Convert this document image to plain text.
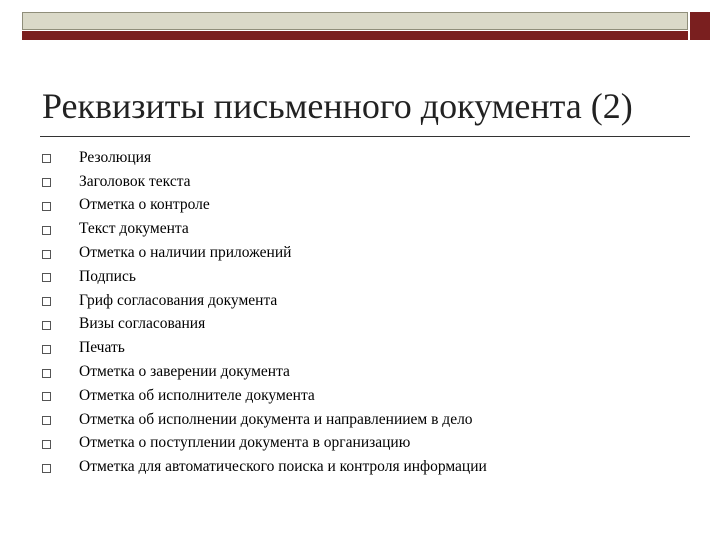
Реквизиты письменного документа (2)
Резолюция
Заголовок текста
Отметка о контроле
Текст документа
Отметка о наличии приложений
Подпись
Гриф согласования документа
Визы согласования
Печать
Отметка о заверении документа
Отметка об исполнителе документа
Отметка об исполнении документа и направлениием в дело
Отметка о поступлении документа в организацию
Отметка для автоматического поиска и контроля информации
